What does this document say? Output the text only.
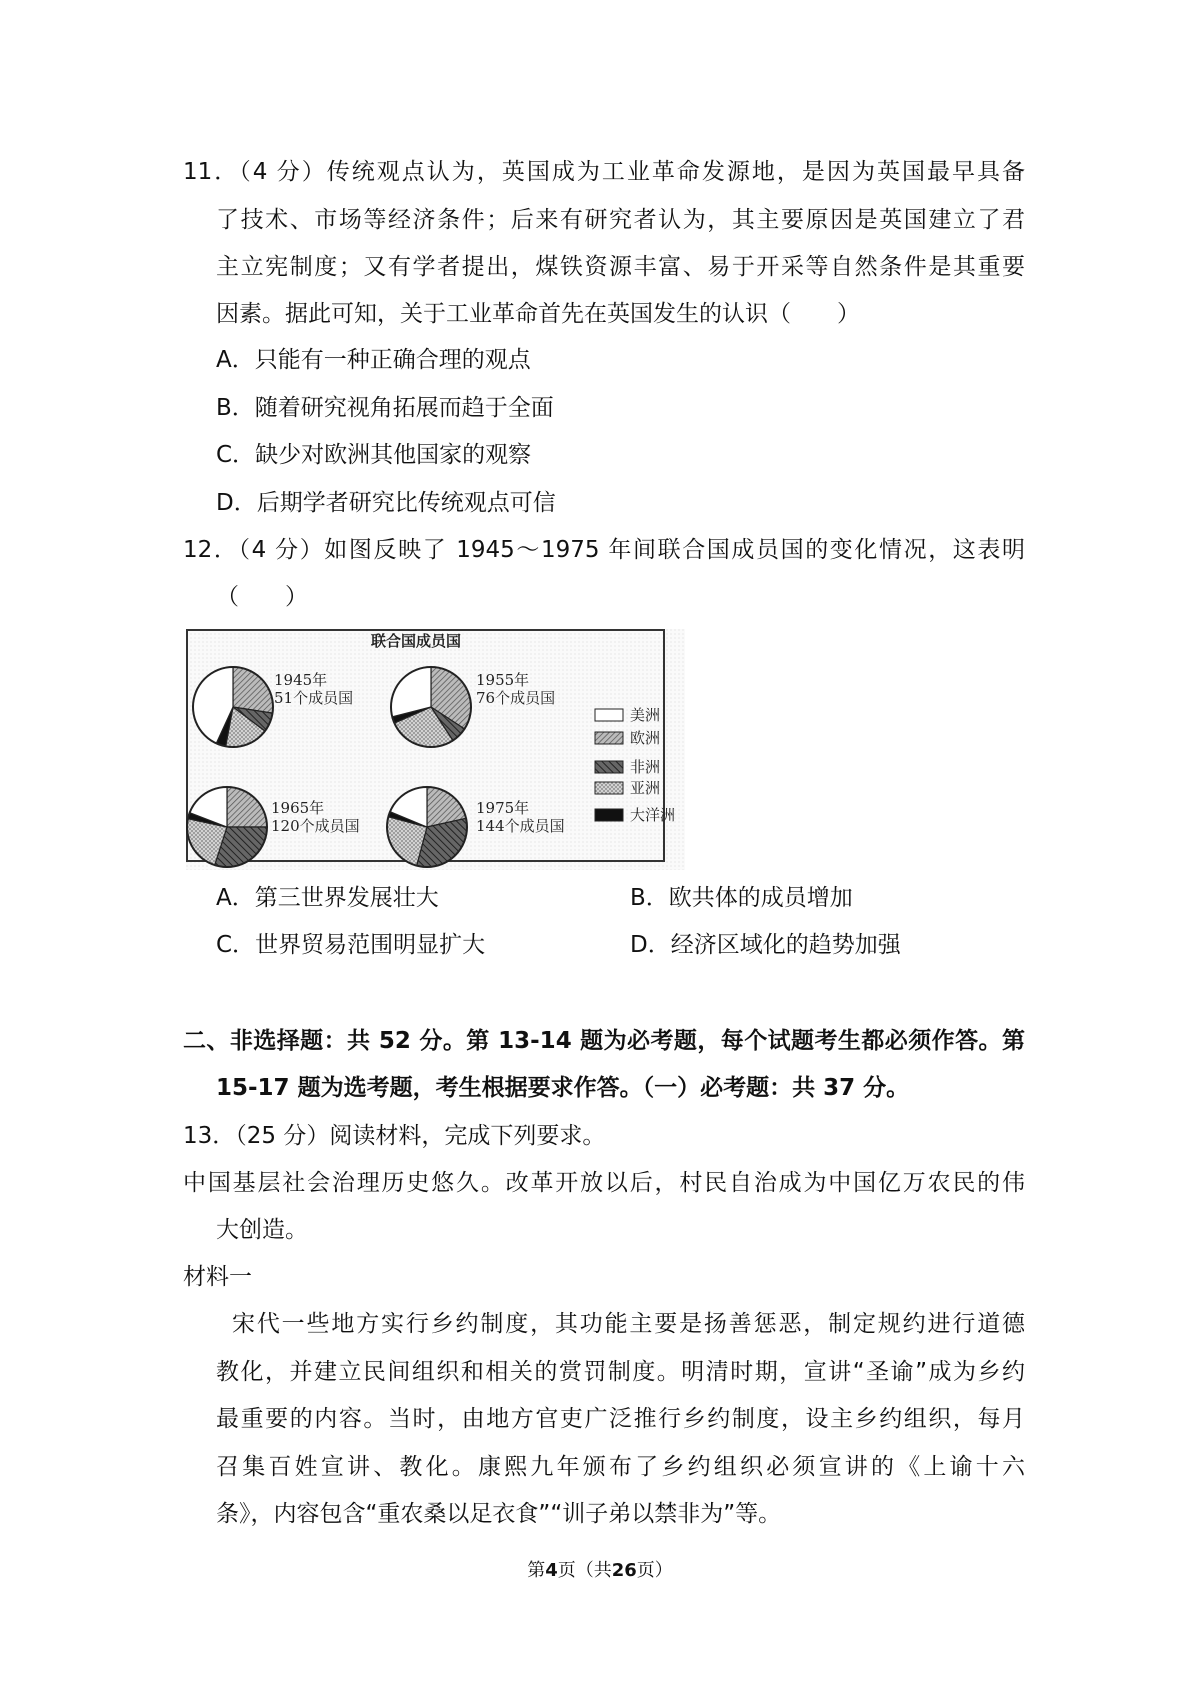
11．（4 分）传统观点认为，英国成为工业革命发源地，是因为英国最早具备
了技术、市场等经济条件；后来有研究者认为，其主要原因是英国建立了君
主立宪制度；又有学者提出，煤铁资源丰富、易于开采等自然条件是其重要
因素。据此可知，关于工业革命首先在英国发生的认识（　　）
A．只能有一种正确合理的观点
B．随着研究视角拓展而趋于全面
C．缺少对欧洲其他国家的观察
D．后期学者研究比传统观点可信
12．（4 分）如图反映了 1945～1975 年间联合国成员国的变化情况，这表明
（　　）
联合国成员国
1945年
51个成员国
1955年
76个成员国
1965年
120个成员国
1975年
144个成员国
美洲
欧洲
非洲
亚洲
大洋洲
A．第三世界发展壮大	B．欧共体的成员增加
C．世界贸易范围明显扩大	D．经济区域化的趋势加强
二、非选择题：共 52 分。第 13-14 题为必考题，每个试题考生都必须作答。第
15-17 题为选考题，考生根据要求作答。（一）必考题：共 37 分。
13．（25 分）阅读材料，完成下列要求。
中国基层社会治理历史悠久。改革开放以后，村民自治成为中国亿万农民的伟
大创造。
材料一
宋代一些地方实行乡约制度，其功能主要是扬善惩恶，制定规约进行道德
教化，并建立民间组织和相关的赏罚制度。明清时期，宣讲“圣谕”成为乡约
最重要的内容。当时，由地方官吏广泛推行乡约制度，设主乡约组织，每月
召集百姓宣讲、教化。康熙九年颁布了乡约组织必须宣讲的《上谕十六
条》，内容包含“重农桑以足衣食”“训子弟以禁非为”等。
第4页（共26页）
